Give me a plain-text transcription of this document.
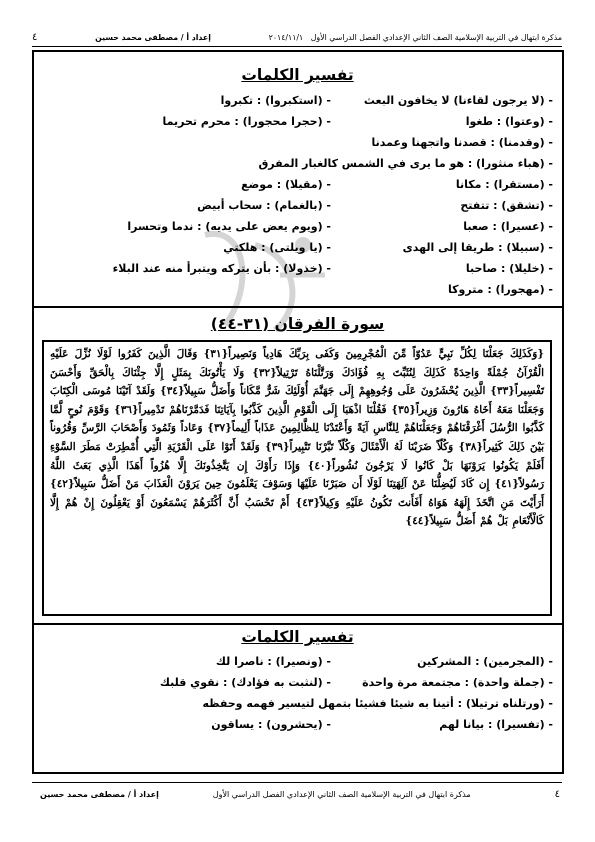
مذكرة ابتهال في التربية الإسلامية الصف الثاني الإعدادي الفصل الدراسي الأول   ٢٠١٤/١١/١
إعداد أ / مصطفى محمد حسين
٤
تفسير الكلمات
- (لا يرجون لقاءنا) لا يخافون البعث
- (استكبروا) : تكبروا
- (وعتوا) : طغوا
- (حجرا محجورا) : محرم تحريما
- (وقدمنا) : قصدنا واتجهنا وعمدنا
- (هباء منثورا) : هو ما يرى في الشمس كالغبار المفرق
- (مستقرا) : مكانا
- (مقيلا) : موضع
- (تشقق) : تتفتح
- (بالغمام) : سحاب أبيض
- (عسيرا) : صعبا
- (ويوم يعض على يديه) : ندما وتحسرا
- (سبيلا) : طريقا إلى الهدى
- (يا ويلتى) : هلكتي
- (خليلا) : صاحبا
- (خذولا) : بأن يتركه ويتبرأ منه عند البلاء
- (مهجورا) : متروكا
سورة الفرقان (٣١-٤٤)
{وَكَذَلِكَ جَعَلْنَا لِكُلِّ نَبِيٍّ عَدُوّاً مِّنَ الْمُجْرِمِينَ وَكَفَى بِرَبِّكَ هَادِياً وَنَصِيراً{٣١} وَقَالَ الَّذِينَ كَفَرُوا لَوْلَا نُزِّلَ عَلَيْهِ الْقُرْآنُ جُمْلَةً وَاحِدَةً كَذَلِكَ لِنُثَبِّتَ بِهِ فُؤَادَكَ وَرَتَّلْنَاهُ تَرْتِيلاً{٣٢} وَلَا يَأْتُونَكَ بِمَثَلٍ إِلَّا جِئْنَاكَ بِالْحَقِّ وَأَحْسَنَ تَفْسِيراً{٣٣} الَّذِينَ يُحْشَرُونَ عَلَى وُجُوهِهِمْ إِلَى جَهَنَّمَ أُوْلَئِكَ شَرٌّ مَّكَاناً وَأَضَلُّ سَبِيلاً{٣٤} وَلَقَدْ آتَيْنَا مُوسَى الْكِتَابَ وَجَعَلْنَا مَعَهُ أَخَاهُ هَارُونَ وَزِيراً{٣٥} فَقُلْنَا اذْهَبَا إِلَى الْقَوْمِ الَّذِينَ كَذَّبُوا بِآيَاتِنَا فَدَمَّرْنَاهُمْ تَدْمِيراً{٣٦} وَقَوْمَ نُوحٍ لَّمَّا كَذَّبُوا الرُّسُلَ أَغْرَقْنَاهُمْ وَجَعَلْنَاهُمْ لِلنَّاسِ آيَةً وَأَعْتَدْنَا لِلظَّالِمِينَ عَذَاباً أَلِيماً{٣٧} وَعَاداً وَثَمُودَ وَأَصْحَابَ الرَّسِّ وَقُرُوناً بَيْنَ ذَلِكَ كَثِيراً{٣٨} وَكُلّاً ضَرَبْنَا لَهُ الْأَمْثَالَ وَكُلّاً تَبَّرْنَا تَتْبِيراً{٣٩} وَلَقَدْ أَتَوْا عَلَى الْقَرْيَةِ الَّتِي أُمْطِرَتْ مَطَرَ السَّوْءِ أَفَلَمْ يَكُونُوا يَرَوْنَهَا بَلْ كَانُوا لَا يَرْجُونَ نُشُوراً{٤٠} وَإِذَا رَأَوْكَ إِن يَتَّخِذُونَكَ إِلَّا هُزُواً أَهَذَا الَّذِي بَعَثَ اللَّهُ رَسُولاً{٤١} إِن كَادَ لَيُضِلُّنَا عَنْ آلِهَتِنَا لَوْلَا أَن صَبَرْنَا عَلَيْهَا وَسَوْفَ يَعْلَمُونَ حِينَ يَرَوْنَ الْعَذَابَ مَنْ أَضَلُّ سَبِيلاً{٤٢} أَرَأَيْتَ مَنِ اتَّخَذَ إِلَهَهُ هَوَاهُ أَفَأَنتَ تَكُونُ عَلَيْهِ وَكِيلاً{٤٣} أَمْ تَحْسَبُ أَنَّ أَكْثَرَهُمْ يَسْمَعُونَ أَوْ يَعْقِلُونَ إِنْ هُمْ إِلَّا كَالْأَنْعَامِ بَلْ هُمْ أَضَلُّ سَبِيلاً{٤٤}
تفسير الكلمات
- (المجرمين) : المشركين
- (ونصيرا) : ناصرا لك
- (جملة واحدة) : مجتمعة مرة واحدة
- (لنثبت به فؤادك) : نقوي قلبك
- (ورتلناه ترتيلا) : أتينا به شيئا فشيئا بتمهل لتيسير فهمه وحفظه
- (تفسيرا) : بيانا لهم
- (يحشرون) : يساقون
٤
مذكرة ابتهال في التربية الإسلامية الصف الثاني الإعدادي الفصل الدراسي الأول
إعداد أ / مصطفى محمد حسين
